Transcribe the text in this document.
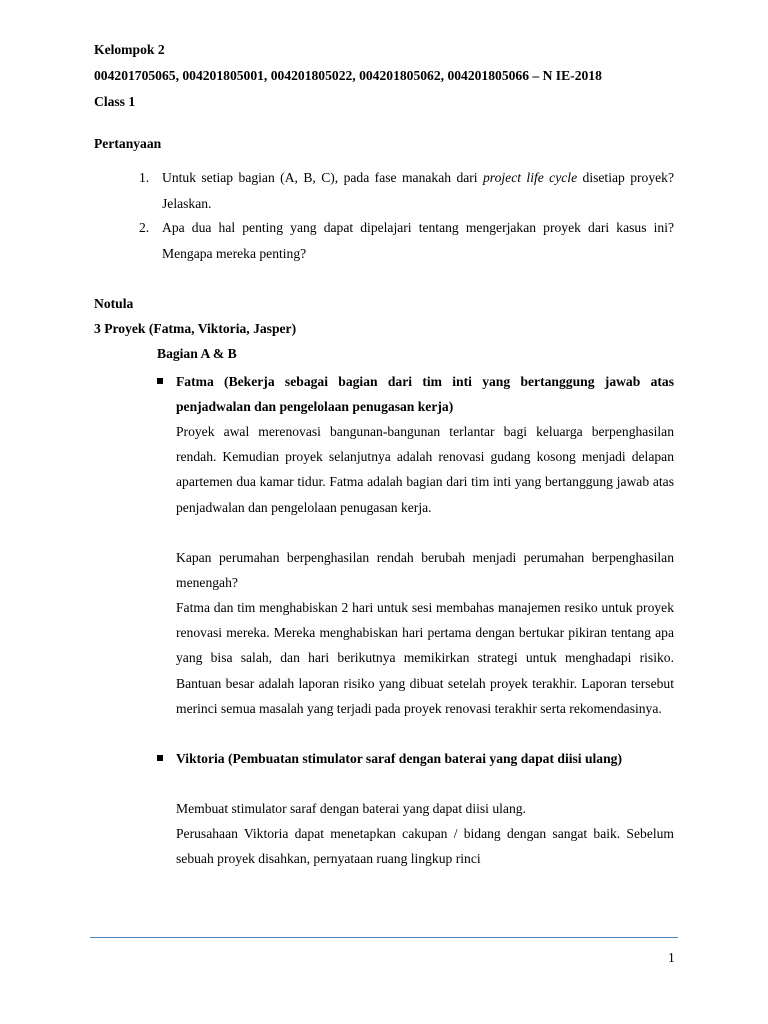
Kelompok 2
004201705065, 004201805001, 004201805022, 004201805062, 004201805066 – N IE-2018
Class 1
Pertanyaan
1. Untuk setiap bagian (A, B, C), pada fase manakah dari project life cycle disetiap proyek? Jelaskan.
2. Apa dua hal penting yang dapat dipelajari tentang mengerjakan proyek dari kasus ini? Mengapa mereka penting?
Notula
3 Proyek (Fatma, Viktoria, Jasper)
Bagian A & B
Fatma (Bekerja sebagai bagian dari tim inti yang bertanggung jawab atas penjadwalan dan pengelolaan penugasan kerja)
Proyek awal merenovasi bangunan-bangunan terlantar bagi keluarga berpenghasilan rendah. Kemudian proyek selanjutnya adalah renovasi gudang kosong menjadi delapan apartemen dua kamar tidur. Fatma adalah bagian dari tim inti yang bertanggung jawab atas penjadwalan dan pengelolaan penugasan kerja.
Kapan perumahan berpenghasilan rendah berubah menjadi perumahan berpenghasilan menengah?
Fatma dan tim menghabiskan 2 hari untuk sesi membahas manajemen resiko untuk proyek renovasi mereka. Mereka menghabiskan hari pertama dengan bertukar pikiran tentang apa yang bisa salah, dan hari berikutnya memikirkan strategi untuk menghadapi risiko. Bantuan besar adalah laporan risiko yang dibuat setelah proyek terakhir. Laporan tersebut merinci semua masalah yang terjadi pada proyek renovasi terakhir serta rekomendasinya.
Viktoria (Pembuatan stimulator saraf dengan baterai yang dapat diisi ulang)
Membuat stimulator saraf dengan baterai yang dapat diisi ulang.
Perusahaan Viktoria dapat menetapkan cakupan / bidang dengan sangat baik. Sebelum sebuah proyek disahkan, pernyataan ruang lingkup rinci
1
